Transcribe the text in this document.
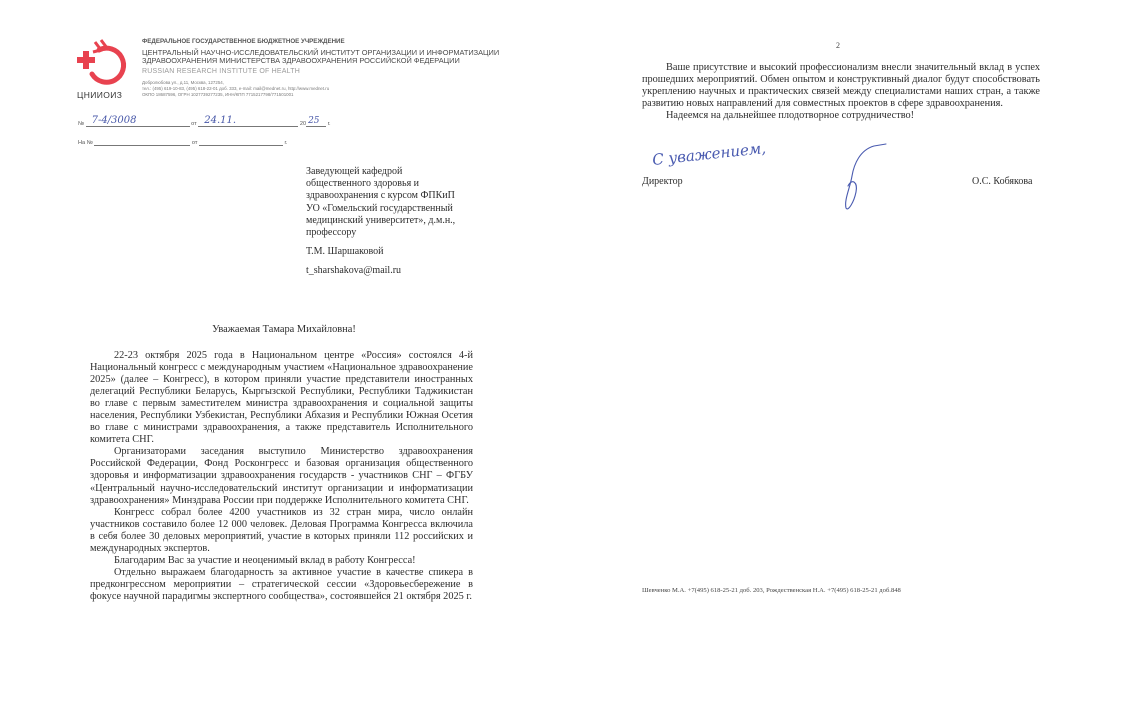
ЦНИИОИЗ
ФЕДЕРАЛЬНОЕ ГОСУДАРСТВЕННОЕ БЮДЖЕТНОЕ УЧРЕЖДЕНИЕ
ЦЕНТРАЛЬНЫЙ НАУЧНО-ИССЛЕДОВАТЕЛЬСКИЙ ИНСТИТУТ ОРГАНИЗАЦИИ И ИНФОРМАТИЗАЦИИ
ЗДРАВООХРАНЕНИЯ МИНИСТЕРСТВА ЗДРАВООХРАНЕНИЯ РОССИЙСКОЙ ФЕДЕРАЦИИ
RUSSIAN RESEARCH INSTITUTE OF HEALTH
Добролюбова ул., д.11, Москва, 127254,
тел.: (495) 619-10-83, (495) 618-22-01 доб. 333, e-mail: mail@mednet.ru, http://www.mednet.ru
ОКПО 18687596, ОГРН 1027739277235, ИНН/КПП 7715217798/771501001
№ 7-4/3008	от 24.11.	20 25 г.
На №	от	г.
Заведующей кафедрой
общественного здоровья и
здравоохранения с курсом ФПКиП
УО «Гомельский государственный
медицинский университет», д.м.н.,
профессору
Т.М. Шаршаковой
t_sharshakova@mail.ru
Уважаемая Тамара Михайловна!

22-23 октября 2025 года в Национальном центре «Россия» состоялся 4-й Национальный конгресс с международным участием «Национальное здравоохранение 2025» (далее – Конгресс), в котором приняли участие представители иностранных делегаций Республики Беларусь, Кыргызской Республики, Республики Таджикистан во главе с первым заместителем министра здравоохранения и социальной защиты населения, Республики Узбекистан, Республики Абхазия и Республики Южная Осетия во главе с министрами здравоохранения, а также представитель Исполнительного комитета СНГ.

Организаторами заседания выступило Министерство здравоохранения Российской Федерации, Фонд Росконгресс и базовая организация общественного здоровья и информатизации здравоохранения государств - участников СНГ – ФГБУ «Центральный научно-исследовательский институт организации и информатизации здравоохранения» Минздрава России при поддержке Исполнительного комитета СНГ.

Конгресс собрал более 4200 участников из 32 стран мира, число онлайн участников составило более 12 000 человек. Деловая Программа Конгресса включила в себя более 30 деловых мероприятий, участие в которых приняли 112 российских и международных экспертов.

Благодарим Вас за участие и неоценимый вклад в работу Конгресса!

Отдельно выражаем благодарность за активное участие в качестве спикера в предконгрессном мероприятии – стратегической сессии «Здоровьесбережение в фокусе научной парадигмы экспертного сообщества», состоявшейся 21 октября 2025 г.

2

Ваше присутствие и высокий профессионализм внесли значительный вклад в успех прошедших мероприятий. Обмен опытом и конструктивный диалог будут способствовать укреплению научных и практических связей между специалистами наших стран, а также развитию новых направлений для совместных проектов в сфере здравоохранения.

Надеемся на дальнейшее плодотворное сотрудничество!

С уважением,
Директор	О.С. Кобякова
Шевченко М.А. +7(495) 618-25-21 доб. 203, Рождественская Н.А. +7(495) 618-25-21 доб.848
